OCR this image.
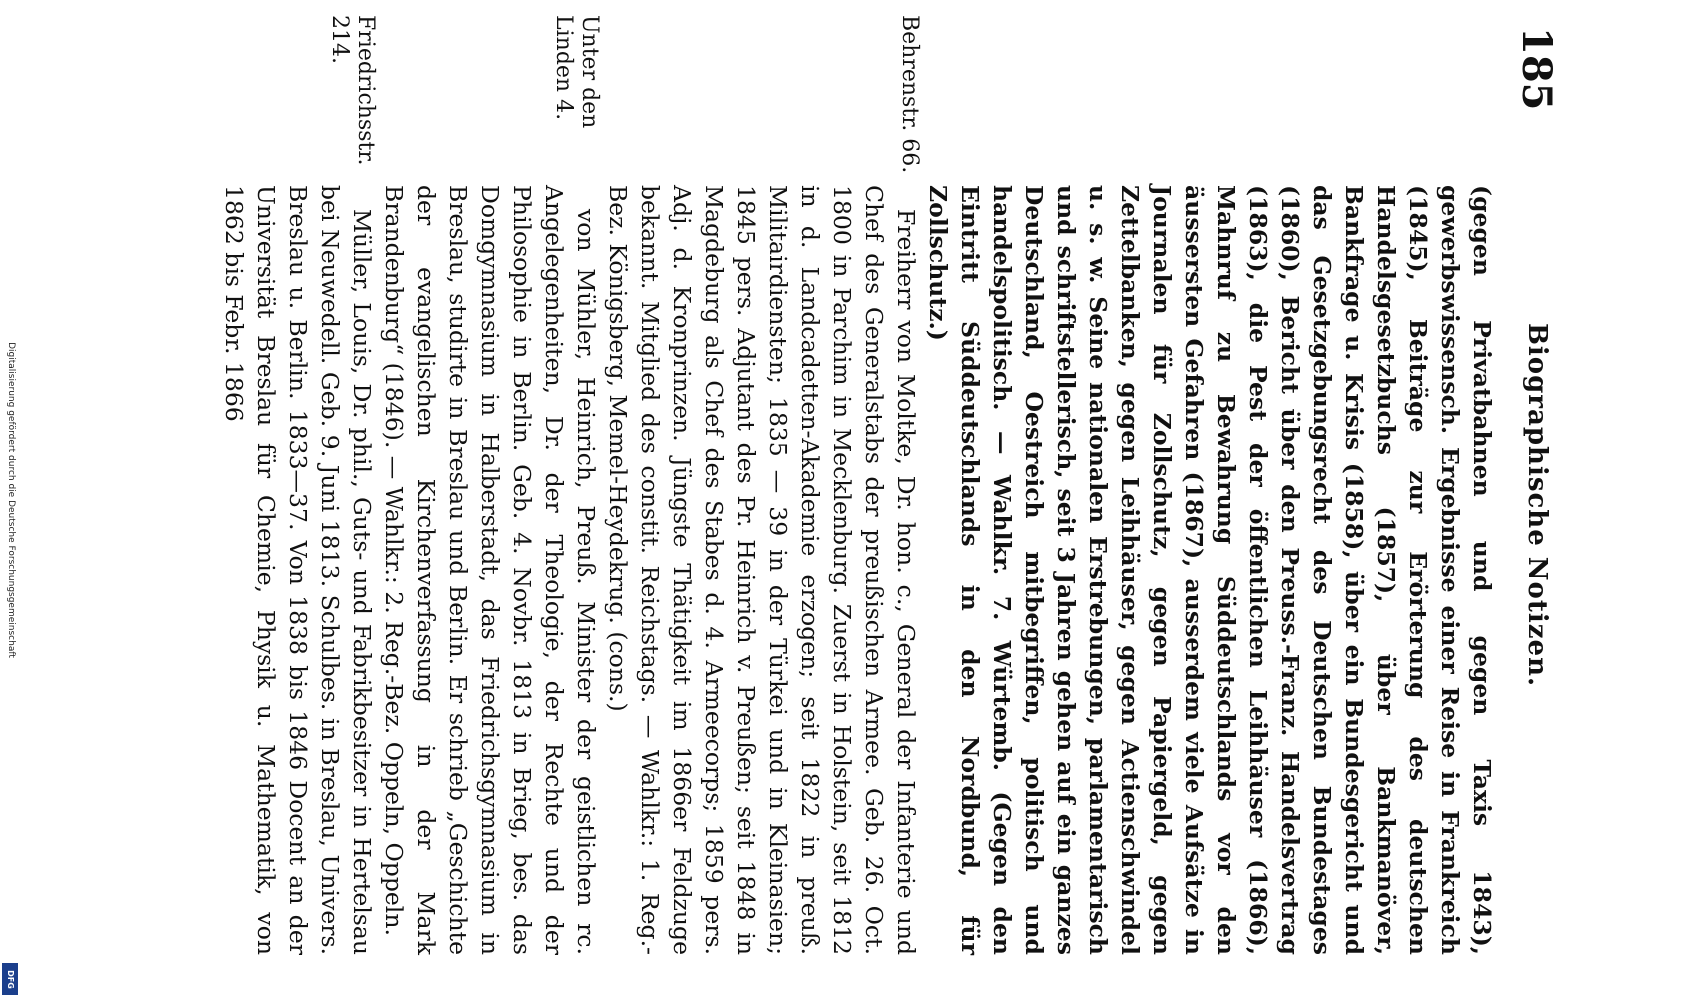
Digitalisierung gefördert durch die Deutsche Forschungsgemeinschaft
DFG
185
Biographische Notizen.
(gegen Privatbahnen und gegen Taxis 1843), gewerbswissensch. Ergebnisse einer Reise in Frankreich (1845), Beiträge zur Erörterung des deutschen Handelsgesetzbuchs (1857), über Bankmanöver, Bankfrage u. Krisis (1858), über ein Bundesgericht und das Gesetzgebungsrecht des Deutschen Bundestages (1860), Bericht über den Preuss.-Franz. Handelsvertrag (1863), die Pest der öffentlichen Leihhäuser (1866), Mahnruf zu Bewahrung Süddeutschlands vor den äussersten Gefahren (1867), ausserdem viele Aufsätze in Journalen für Zollschutz, gegen Papiergeld, gegen Zettelbanken, gegen Leihhäuser, gegen Actienschwindel u. s. w. Seine nationalen Erstrebungen, parlamentarisch und schriftstellerisch, seit 3 Jahren gehen auf ein ganzes Deutschland, Oestreich mitbegriffen, politisch und handelspolitisch. — Wahlkr. 7. Würtemb. (Gegen den Eintritt Süddeutschlands in den Nordbund, für Zollschutz.)
Behrenstr. 66.
Freiherr von Moltke, Dr. hon. c., General der Infanterie und Chef des Generalstabs der preußischen Armee. Geb. 26. Oct. 1800 in Parchim in Mecklenburg. Zuerst in Holstein, seit 1812 in d. Landcadetten-Akademie erzogen; seit 1822 in preuß. Militairdiensten; 1835 — 39 in der Türkei und in Kleinasien; 1845 pers. Adjutant des Pr. Heinrich v. Preußen; seit 1848 in Magdeburg als Chef des Stabes d. 4. Armeecorps; 1859 pers. Adj. d. Kronprinzen. Jüngste Thätigkeit im 1866er Feldzuge bekannt. Mitglied des constit. Reichstags. — Wahlkr.: 1. Reg.-Bez. Königsberg, Memel-Heydekrug. (cons.)
Unter den Linden 4.
von Mühler, Heinrich, Preuß. Minister der geistlichen rc. Angelegenheiten, Dr. der Theologie, der Rechte und der Philosophie in Berlin. Geb. 4. Novbr. 1813 in Brieg, bes. das Domgymnasium in Halberstadt, das Friedrichsgymnasium in Breslau, studirte in Breslau und Berlin. Er schrieb „Geschichte der evangelischen Kirchenverfassung in der Mark Brandenburg“ (1846). — Wahlkr.: 2. Reg.-Bez. Oppeln, Oppeln.
Friedrichsstr. 214.
Müller, Louis, Dr. phil., Guts- und Fabrikbesitzer in Hertelsau bei Neuwedell. Geb. 9. Juni 1813. Schulbes. in Breslau, Univers. Breslau u. Berlin. 1833—37. Von 1838 bis 1846 Docent an der Universität Breslau für Chemie, Physik u. Mathematik, von 1862 bis Febr. 1866
